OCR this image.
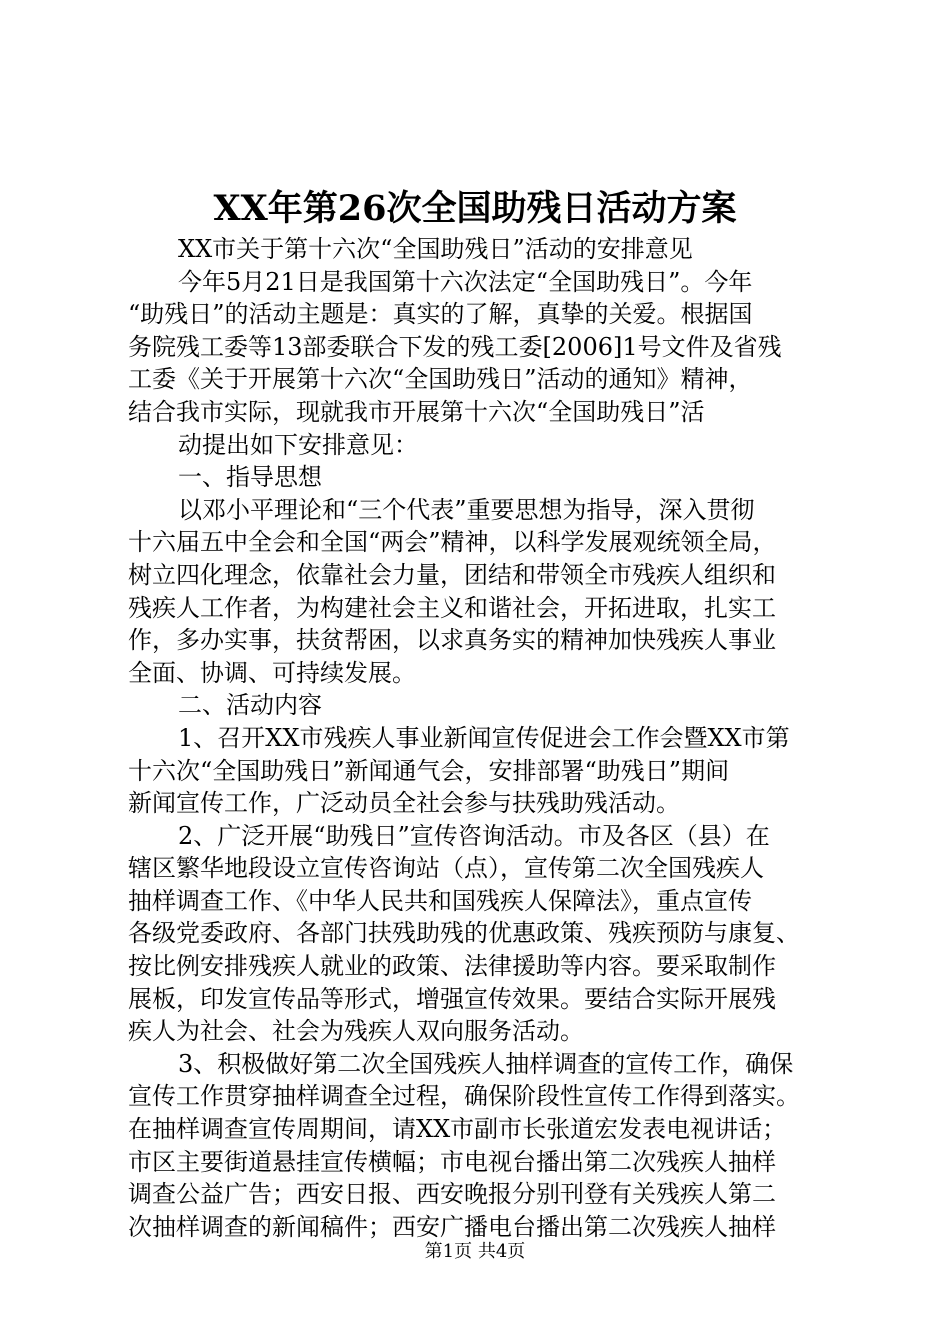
XX年第26次全国助残日活动方案
XX市关于第十六次“全国助残日”活动的安排意见
今年5月21日是我国第十六次法定“全国助残日”。今年
“助残日”的活动主题是：真实的了解，真挚的关爱。根据国
务院残工委等13部委联合下发的残工委[2006]1号文件及省残
工委《关于开展第十六次“全国助残日”活动的通知》精神，
结合我市实际，现就我市开展第十六次“全国助残日”活
动提出如下安排意见：
一、指导思想
以邓小平理论和“三个代表”重要思想为指导，深入贯彻
十六届五中全会和全国“两会”精神，以科学发展观统领全局，
树立四化理念，依靠社会力量，团结和带领全市残疾人组织和
残疾人工作者，为构建社会主义和谐社会，开拓进取，扎实工
作，多办实事，扶贫帮困，以求真务实的精神加快残疾人事业
全面、协调、可持续发展。
二、活动内容
1、召开XX市残疾人事业新闻宣传促进会工作会暨XX市第
十六次“全国助残日”新闻通气会，安排部署“助残日”期间
新闻宣传工作，广泛动员全社会参与扶残助残活动。
2、广泛开展“助残日”宣传咨询活动。市及各区（县）在
辖区繁华地段设立宣传咨询站（点），宣传第二次全国残疾人
抽样调查工作、《中华人民共和国残疾人保障法》，重点宣传
各级党委政府、各部门扶残助残的优惠政策、残疾预防与康复、
按比例安排残疾人就业的政策、法律援助等内容。要采取制作
展板，印发宣传品等形式，增强宣传效果。要结合实际开展残
疾人为社会、社会为残疾人双向服务活动。
3、积极做好第二次全国残疾人抽样调查的宣传工作，确保
宣传工作贯穿抽样调查全过程，确保阶段性宣传工作得到落实。
在抽样调查宣传周期间，请XX市副市长张道宏发表电视讲话；
市区主要街道悬挂宣传横幅；市电视台播出第二次残疾人抽样
调查公益广告；西安日报、西安晚报分别刊登有关残疾人第二
次抽样调查的新闻稿件；西安广播电台播出第二次残疾人抽样
第1页 共4页
